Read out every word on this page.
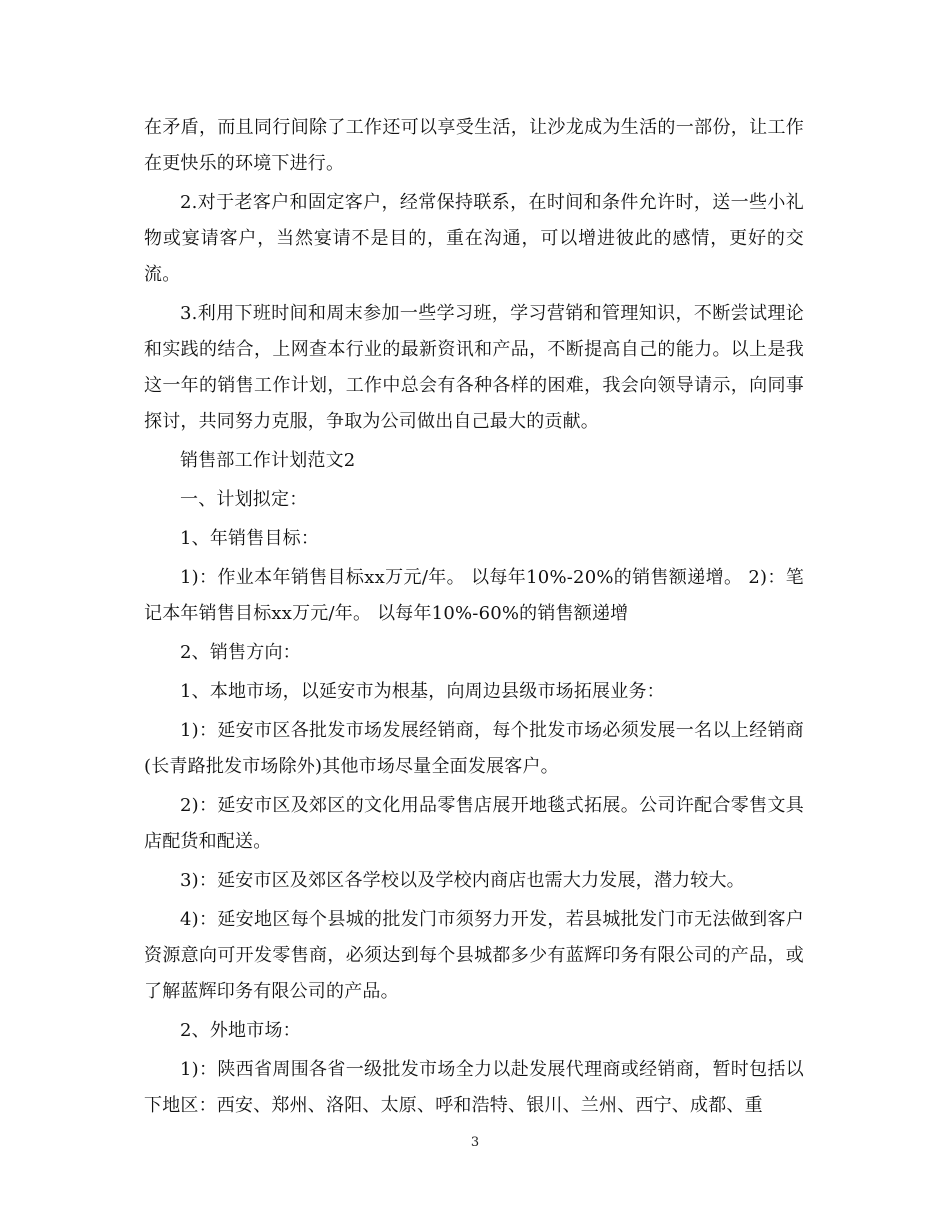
在矛盾，而且同行间除了工作还可以享受生活，让沙龙成为生活的一部份，让工作在更快乐的环境下进行。

2.对于老客户和固定客户，经常保持联系，在时间和条件允许时，送一些小礼物或宴请客户，当然宴请不是目的，重在沟通，可以增进彼此的感情，更好的交流。

3.利用下班时间和周末参加一些学习班，学习营销和管理知识，不断尝试理论和实践的结合，上网查本行业的最新资讯和产品，不断提高自己的能力。以上是我这一年的销售工作计划，工作中总会有各种各样的困难，我会向领导请示，向同事探讨，共同努力克服，争取为公司做出自己最大的贡献。

销售部工作计划范文2

一、计划拟定：

1、年销售目标：

1)：作业本年销售目标xx万元/年。 以每年10%-20%的销售额递增。 2)：笔记本年销售目标xx万元/年。 以每年10%-60%的销售额递增

2、销售方向：

1、本地市场，以延安市为根基，向周边县级市场拓展业务：

1)：延安市区各批发市场发展经销商，每个批发市场必须发展一名以上经销商(长青路批发市场除外)其他市场尽量全面发展客户。

2)：延安市区及郊区的文化用品零售店展开地毯式拓展。公司许配合零售文具店配货和配送。

3)：延安市区及郊区各学校以及学校内商店也需大力发展，潜力较大。

4)：延安地区每个县城的批发门市须努力开发，若县城批发门市无法做到客户资源意向可开发零售商，必须达到每个县城都多少有蓝辉印务有限公司的产品，或了解蓝辉印务有限公司的产品。

2、外地市场：

1)：陕西省周围各省一级批发市场全力以赴发展代理商或经销商，暂时包括以下地区：西安、郑州、洛阳、太原、呼和浩特、银川、兰州、西宁、成都、重

3
